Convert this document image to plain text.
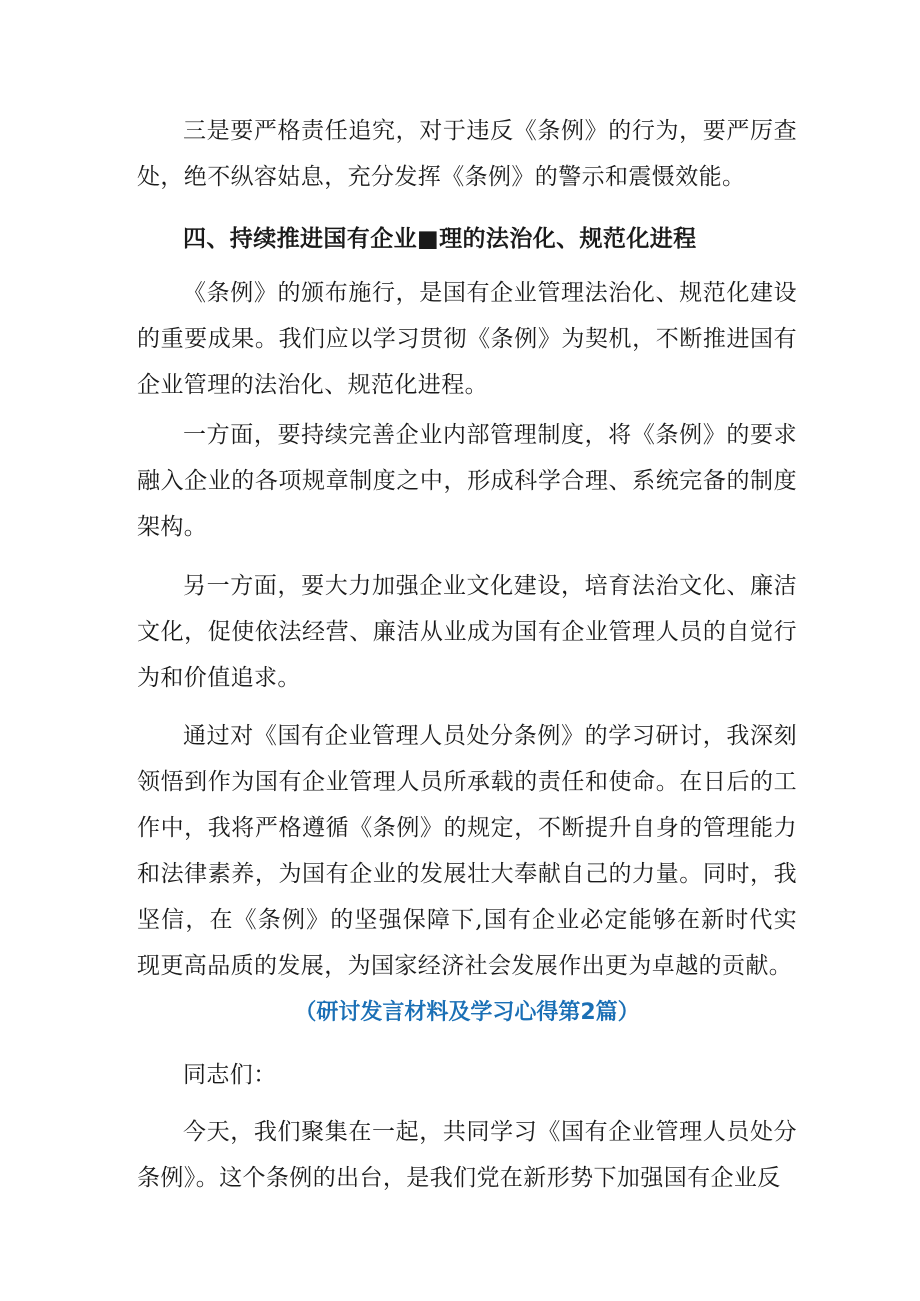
三是要严格责任追究，对于违反《条例》的行为，要严厉查处，绝不纵容姑息，充分发挥《条例》的警示和震慑效能。

四、持续推进国有企业■理的法治化、规范化进程

《条例》的颁布施行，是国有企业管理法治化、规范化建设的重要成果。我们应以学习贯彻《条例》为契机，不断推进国有企业管理的法治化、规范化进程。

一方面，要持续完善企业内部管理制度，将《条例》的要求融入企业的各项规章制度之中，形成科学合理、系统完备的制度架构。

另一方面，要大力加强企业文化建设，培育法治文化、廉洁文化，促使依法经营、廉洁从业成为国有企业管理人员的自觉行为和价值追求。

通过对《国有企业管理人员处分条例》的学习研讨，我深刻领悟到作为国有企业管理人员所承载的责任和使命。在日后的工作中，我将严格遵循《条例》的规定，不断提升自身的管理能力和法律素养，为国有企业的发展壮大奉献自己的力量。同时，我坚信，在《条例》的坚强保障下,国有企业必定能够在新时代实现更高品质的发展，为国家经济社会发展作出更为卓越的贡献。

（研讨发言材料及学习心得第2篇）

同志们：

今天，我们聚集在一起，共同学习《国有企业管理人员处分条例》。这个条例的出台，是我们党在新形势下加强国有企业反
